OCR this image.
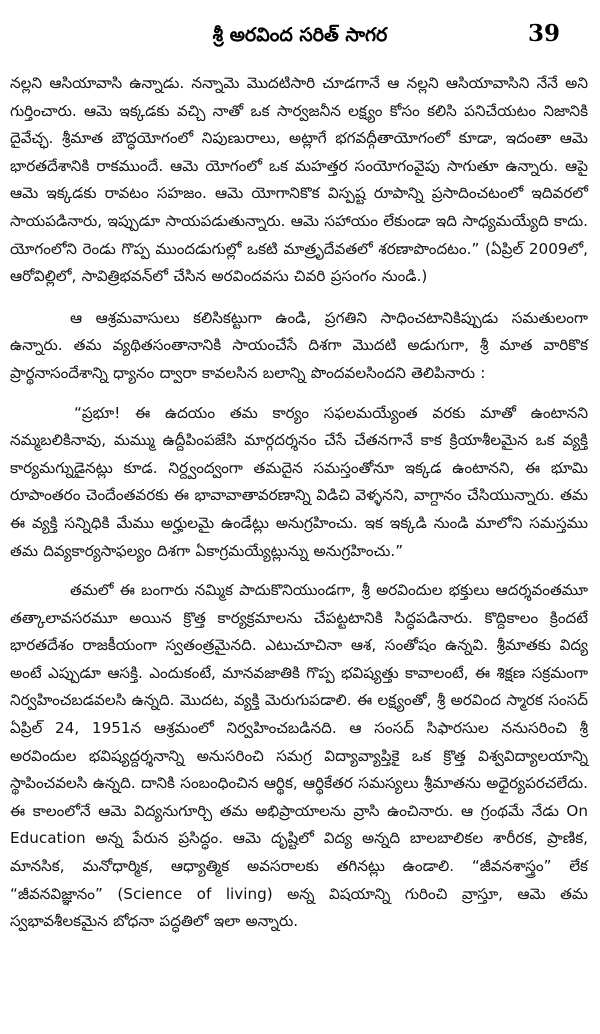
శ్రీ అరవింద సరిత్ సాగర	39

నల్లని ఆసియావాసి ఉన్నాడు. నన్నామె మొదటిసారి చూడగానే ఆ నల్లని ఆసియావాసిని నేనే అని గుర్తించారు. ఆమె ఇక్కడకు వచ్చి నాతో ఒక సార్వజనీన లక్ష్యం కోసం కలిసి పనిచేయటం నిజానికి దైవేచ్ఛ. శ్రీమాత బౌద్ధయోగంలో నిపుణురాలు, అట్లాగే భగవద్గీతాయోగంలో కూడా, ఇదంతా ఆమె భారతదేశానికి రాకముందే. ఆమె యోగంలో ఒక మహత్తర సంయోగంవైపు సాగుతూ ఉన్నారు. ఆపై ఆమె ఇక్కడకు రావటం సహజం. ఆమె యోగానికొక విస్పష్ట రూపాన్ని ప్రసాదించటంలో ఇదివరలో సాయపడినారు, ఇప్పుడూ సాయపడుతున్నారు. ఆమె సహాయం లేకుండా ఇది సాధ్యమయ్యేది కాదు. యోగంలోని రెండు గొప్ప ముందడుగుల్లో ఒకటి మాత్రృదేవతలో శరణాపొందటం.” (ఏప్రిల్ 2009లో, ఆరోవిల్లిలో, సావిత్రిభవన్‌లో చేసిన అరవిందవసు చివరి ప్రసంగం నుండి.)

ఆ ఆశ్రమవాసులు కలిసికట్టుగా ఉండి, ప్రగతిని సాధించటానికిప్పుడు సమతులంగా ఉన్నారు. తమ వ్యథితసంతానానికి సాయంచేసే దిశగా మొదటి అడుగుగా, శ్రీ మాత వారికొక ప్రార్థనాసందేశాన్ని ధ్యానం ద్వారా కావలసిన బలాన్ని పొందవలసిందని తెలిపినారు :

“ప్రభూ! ఈ ఉదయం తమ కార్యం సఫలమయ్యేంత వరకు మాతో ఉంటానని నమ్మబలికినావు, మమ్ము ఉద్దీపింపజేసి మార్గదర్శనం చేసే చేతనగానే కాక క్రియాశీలమైన ఒక వ్యక్తి కార్యమగ్నుడైనట్లు కూడ. నిర్ద్వంద్వంగా తమదైన సమస్తంతోనూ ఇక్కడ ఉంటానని, ఈ భూమి రూపాంతరం చెందేంతవరకు ఈ భావావాతావరణాన్ని విడిచి వెళ్ళనని, వాగ్దానం చేసియున్నారు. తమ ఈ వ్యక్తి సన్నిధికి మేము అర్హులమై ఉండేట్లు అనుగ్రహించు. ఇక ఇక్కడి నుండి మాలోని సమస్తము తమ దివ్యకార్యసాఫల్యం దిశగా ఏకాగ్రమయ్యేట్లున్ను అనుగ్రహించు.”

తమలో ఈ బంగారు నమ్మిక పాదుకొనియుండగా, శ్రీ అరవిందుల భక్తులు ఆదర్శవంతమూ తత్కాలావసరమూ అయిన క్రొత్త కార్యక్రమాలను చేపట్టటానికి సిద్ధపడినారు. కొద్దికాలం క్రిందటే భారతదేశం రాజకీయంగా స్వతంత్రమైనది. ఎటుచూచినా ఆశ, సంతోషం ఉన్నవి. శ్రీమాతకు విద్య అంటే ఎప్పుడూ ఆసక్తి. ఎందుకంటే, మానవజాతికి గొప్ప భవిష్యత్తు కావాలంటే, ఈ శిక్షణ సక్రమంగా నిర్వహించబడవలసి ఉన్నది. మొదట, వ్యక్తి మెరుగుపడాలి. ఈ లక్ష్యంతో, శ్రీ అరవింద స్మారక సంసద్ ఏప్రిల్ 24, 1951న ఆశ్రమంలో నిర్వహించబడినది. ఆ సంసద్ సిఫారసుల ననుసరించి శ్రీ అరవిందుల భవిష్యద్దర్శనాన్ని అనుసరించి సమగ్ర విద్యావ్యాప్తికై ఒక క్రొత్త విశ్వవిద్యాలయాన్ని స్థాపించవలసి ఉన్నది. దానికి సంబంధించిన ఆర్థిక, ఆర్థికేతర సమస్యలు శ్రీమాతను అధైర్యపరచలేదు. ఈ కాలంలోనే ఆమె విద్యనుగూర్చి తమ అభిప్రాయాలను వ్రాసి ఉంచినారు. ఆ గ్రంథమే నేడు On Education అన్న పేరున ప్రసిద్ధం. ఆమె దృష్టిలో విద్య అన్నది బాలబాలికల శారీరక, ప్రాణిక, మానసిక, మనోధార్మిక, ఆధ్యాత్మిక అవసరాలకు తగినట్లు ఉండాలి. “జీవనశాస్త్రం” లేక “జీవనవిజ్ఞానం” (Science of living) అన్న విషయాన్ని గురించి వ్రాస్తూ, ఆమె తమ స్వభావశీలకమైన బోధనా పద్ధతిలో ఇలా అన్నారు.
